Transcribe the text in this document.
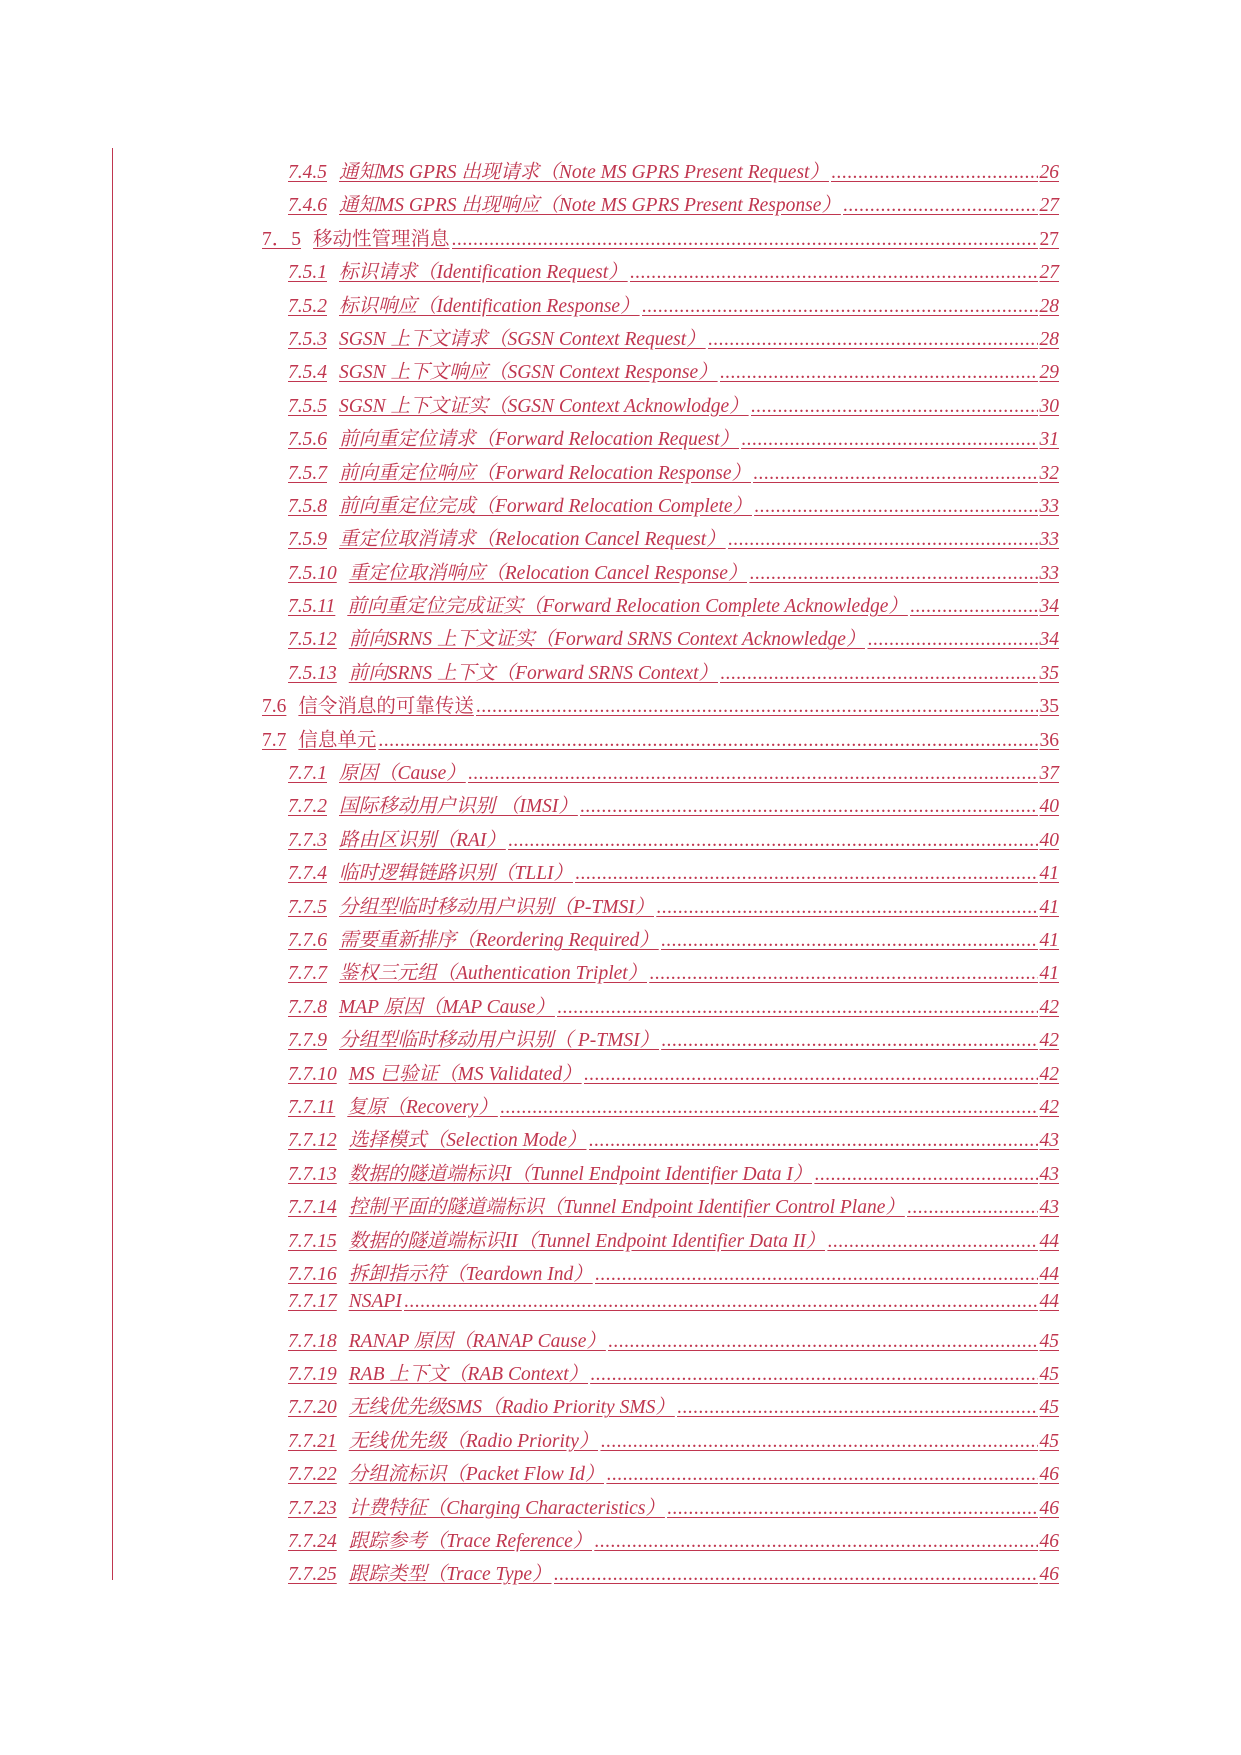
7.4.5 通知MS GPRS 出现请求（Note MS GPRS Present Request） .....	26
7.4.6 通知MS GPRS 出现响应（Note MS GPRS Present Response） .....	27
7．5 移动性管理消息 .....	27
7.5.1 标识请求（Identification Request） .....	27
7.5.2 标识响应（Identification Response） .....	28
7.5.3 SGSN 上下文请求（SGSN Context Request） .....	28
7.5.4 SGSN 上下文响应（SGSN Context Response） .....	29
7.5.5 SGSN 上下文证实（SGSN Context Acknowlodge） .....	30
7.5.6 前向重定位请求（Forward Relocation Request） .....	31
7.5.7 前向重定位响应（Forward Relocation Response） .....	32
7.5.8 前向重定位完成（Forward Relocation Complete） .....	33
7.5.9 重定位取消请求（Relocation Cancel Request） .....	33
7.5.10 重定位取消响应（Relocation Cancel Response） .....	33
7.5.11 前向重定位完成证实（Forward Relocation Complete Acknowledge） .....	34
7.5.12 前向SRNS 上下文证实（Forward SRNS Context Acknowledge） .....	34
7.5.13 前向SRNS 上下文（Forward SRNS Context） .....	35
7.6 信令消息的可靠传送 .....	35
7.7 信息单元 .....	36
7.7.1 原因（Cause） .....	37
7.7.2 国际移动用户识别 （IMSI） .....	40
7.7.3 路由区识别（RAI） .....	40
7.7.4 临时逻辑链路识别（TLLI） .....	41
7.7.5 分组型临时移动用户识别（P-TMSI） .....	41
7.7.6 需要重新排序（Reordering Required） .....	41
7.7.7 鉴权三元组（Authentication Triplet） .....	41
7.7.8 MAP 原因（MAP Cause） .....	42
7.7.9 分组型临时移动用户识别（ P-TMSI） .....	42
7.7.10 MS 已验证（MS Validated） .....	42
7.7.11 复原（Recovery） .....	42
7.7.12 选择模式（Selection Mode） .....	43
7.7.13 数据的隧道端标识I（Tunnel Endpoint Identifier Data I） .....	43
7.7.14 控制平面的隧道端标识（Tunnel Endpoint Identifier Control Plane） .....	43
7.7.15 数据的隧道端标识II（Tunnel Endpoint Identifier Data II） .....	44
7.7.16 拆卸指示符（Teardown Ind） .....	44
7.7.17 NSAPI .....	44
7.7.18 RANAP 原因（RANAP Cause） .....	45
7.7.19 RAB 上下文（RAB Context） .....	45
7.7.20 无线优先级SMS（Radio Priority SMS） .....	45
7.7.21 无线优先级（Radio Priority） .....	45
7.7.22 分组流标识（Packet Flow Id） .....	46
7.7.23 计费特征（Charging Characteristics） .....	46
7.7.24 跟踪参考（Trace Reference） .....	46
7.7.25 跟踪类型（Trace Type） .....	46
